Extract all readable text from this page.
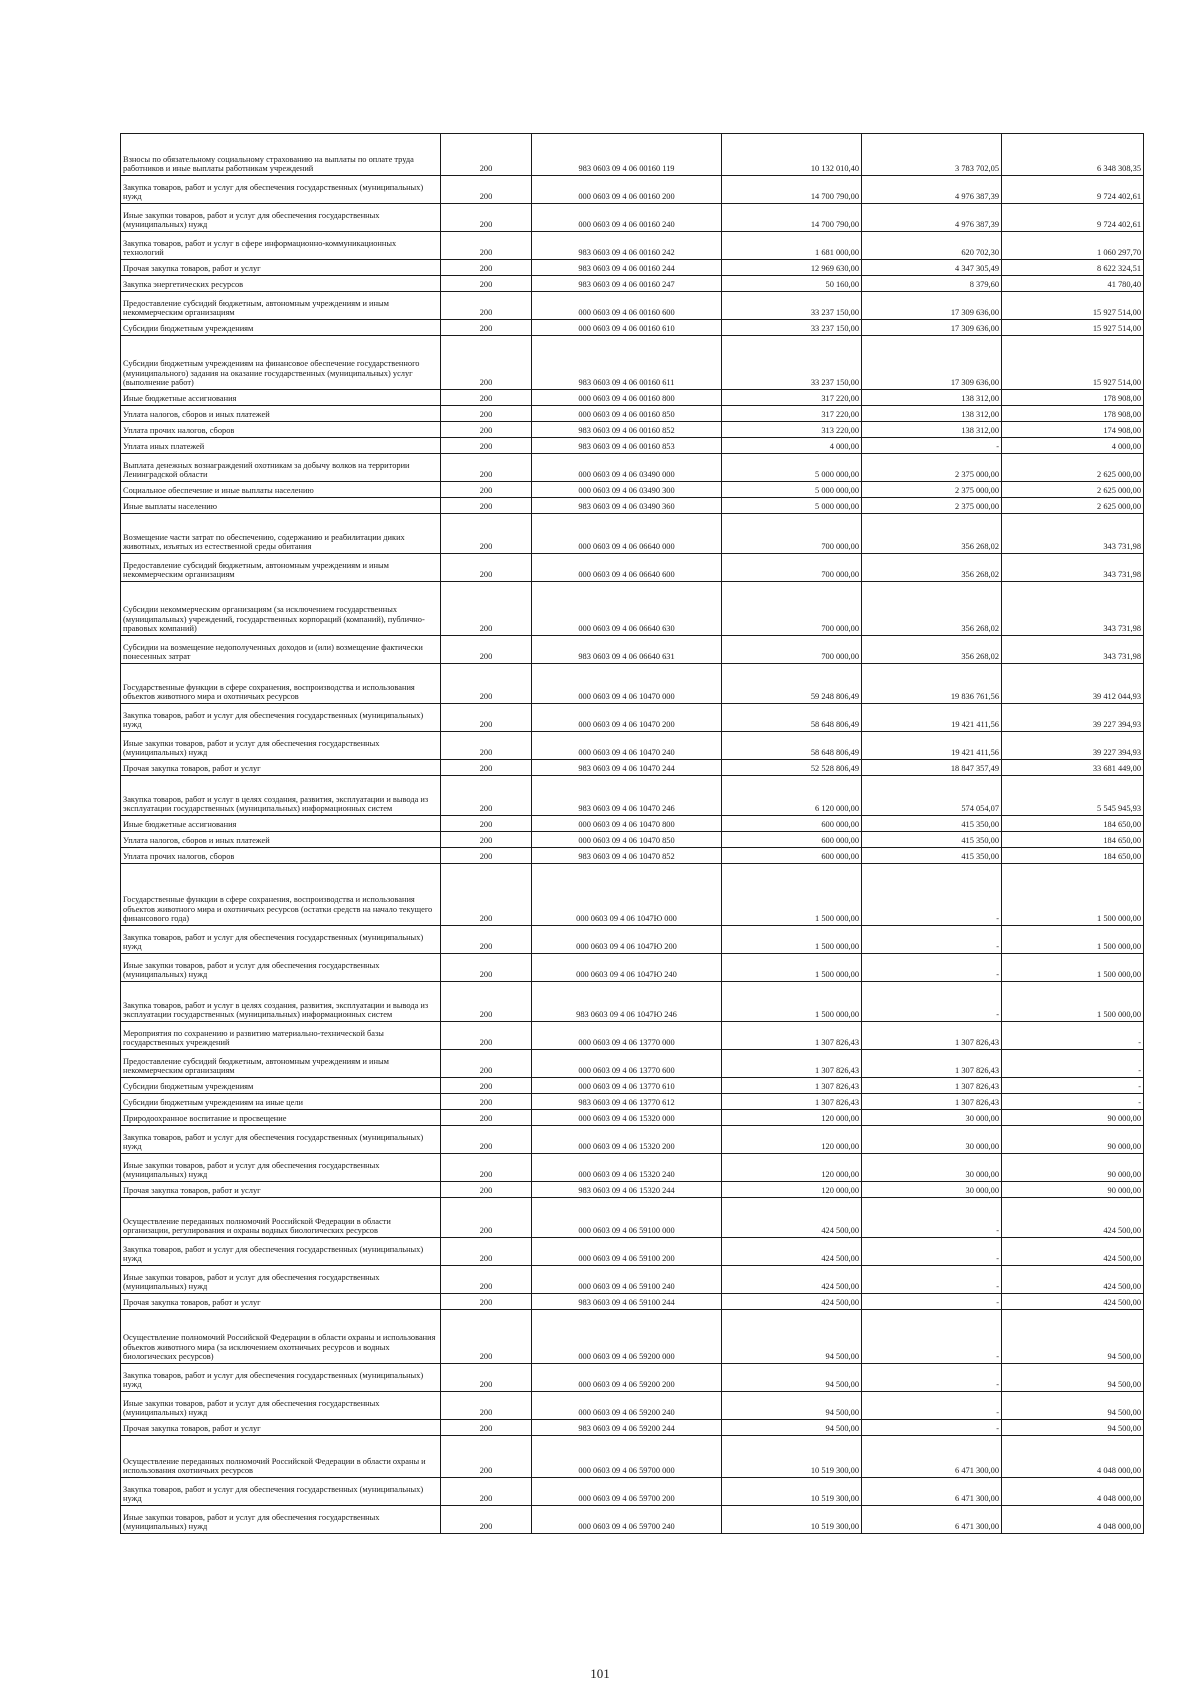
Взносы по обязательному социальному страхованию на выплаты по оплате труда работников и иные выплаты работникам учреждений	200	983 0603 09 4 06 00160 119	10 132 010,40	3 783 702,05	6 348 308,35
Закупка товаров, работ и услуг для обеспечения государственных (муниципальных) нужд	200	000 0603 09 4 06 00160 200	14 700 790,00	4 976 387,39	9 724 402,61
Иные закупки товаров, работ и услуг для обеспечения государственных (муниципальных) нужд	200	000 0603 09 4 06 00160 240	14 700 790,00	4 976 387,39	9 724 402,61
Закупка товаров, работ и услуг в сфере информационно-коммуникационных технологий	200	983 0603 09 4 06 00160 242	1 681 000,00	620 702,30	1 060 297,70
Прочая закупка товаров, работ и услуг	200	983 0603 09 4 06 00160 244	12 969 630,00	4 347 305,49	8 622 324,51
Закупка энергетических ресурсов	200	983 0603 09 4 06 00160 247	50 160,00	8 379,60	41 780,40
Предоставление субсидий бюджетным, автономным учреждениям и иным некоммерческим организациям	200	000 0603 09 4 06 00160 600	33 237 150,00	17 309 636,00	15 927 514,00
Субсидии бюджетным учреждениям	200	000 0603 09 4 06 00160 610	33 237 150,00	17 309 636,00	15 927 514,00
Субсидии бюджетным учреждениям на финансовое обеспечение государственного (муниципального) задания на оказание государственных (муниципальных) услуг (выполнение работ)	200	983 0603 09 4 06 00160 611	33 237 150,00	17 309 636,00	15 927 514,00
Иные бюджетные ассигнования	200	000 0603 09 4 06 00160 800	317 220,00	138 312,00	178 908,00
Уплата налогов, сборов и иных платежей	200	000 0603 09 4 06 00160 850	317 220,00	138 312,00	178 908,00
Уплата прочих налогов, сборов	200	983 0603 09 4 06 00160 852	313 220,00	138 312,00	174 908,00
Уплата иных платежей	200	983 0603 09 4 06 00160 853	4 000,00	-	4 000,00
Выплата денежных вознаграждений охотникам за добычу волков на территории Ленинградской области	200	000 0603 09 4 06 03490 000	5 000 000,00	2 375 000,00	2 625 000,00
Социальное обеспечение и иные выплаты населению	200	000 0603 09 4 06 03490 300	5 000 000,00	2 375 000,00	2 625 000,00
Иные выплаты населению	200	983 0603 09 4 06 03490 360	5 000 000,00	2 375 000,00	2 625 000,00
Возмещение части затрат по обеспечению, содержанию и реабилитации диких животных, изъятых из естественной среды обитания	200	000 0603 09 4 06 06640 000	700 000,00	356 268,02	343 731,98
Предоставление субсидий бюджетным, автономным учреждениям и иным некоммерческим организациям	200	000 0603 09 4 06 06640 600	700 000,00	356 268,02	343 731,98
Субсидии некоммерческим организациям (за исключением государственных (муниципальных) учреждений, государственных корпораций (компаний), публично-правовых компаний)	200	000 0603 09 4 06 06640 630	700 000,00	356 268,02	343 731,98
Субсидии на возмещение недополученных доходов и (или) возмещение фактически понесенных затрат	200	983 0603 09 4 06 06640 631	700 000,00	356 268,02	343 731,98
Государственные функции в сфере сохранения, воспроизводства и использования объектов животного мира и охотничьих ресурсов	200	000 0603 09 4 06 10470 000	59 248 806,49	19 836 761,56	39 412 044,93
Закупка товаров, работ и услуг для обеспечения государственных (муниципальных) нужд	200	000 0603 09 4 06 10470 200	58 648 806,49	19 421 411,56	39 227 394,93
Иные закупки товаров, работ и услуг для обеспечения государственных (муниципальных) нужд	200	000 0603 09 4 06 10470 240	58 648 806,49	19 421 411,56	39 227 394,93
Прочая закупка товаров, работ и услуг	200	983 0603 09 4 06 10470 244	52 528 806,49	18 847 357,49	33 681 449,00
Закупка товаров, работ и услуг в целях создания, развития, эксплуатации и вывода из эксплуатации государственных (муниципальных) информационных систем	200	983 0603 09 4 06 10470 246	6 120 000,00	574 054,07	5 545 945,93
Иные бюджетные ассигнования	200	000 0603 09 4 06 10470 800	600 000,00	415 350,00	184 650,00
Уплата налогов, сборов и иных платежей	200	000 0603 09 4 06 10470 850	600 000,00	415 350,00	184 650,00
Уплата прочих налогов, сборов	200	983 0603 09 4 06 10470 852	600 000,00	415 350,00	184 650,00
Государственные функции в сфере сохранения, воспроизводства и использования объектов животного мира и охотничьих ресурсов (остатки средств на начало текущего финансового года)	200	000 0603 09 4 06 1047Ю 000	1 500 000,00	-	1 500 000,00
Закупка товаров, работ и услуг для обеспечения государственных (муниципальных) нужд	200	000 0603 09 4 06 1047Ю 200	1 500 000,00	-	1 500 000,00
Иные закупки товаров, работ и услуг для обеспечения государственных (муниципальных) нужд	200	000 0603 09 4 06 1047Ю 240	1 500 000,00	-	1 500 000,00
Закупка товаров, работ и услуг в целях создания, развития, эксплуатации и вывода из эксплуатации государственных (муниципальных) информационных систем	200	983 0603 09 4 06 1047Ю 246	1 500 000,00	-	1 500 000,00
Мероприятия по сохранению и развитию материально-технической базы государственных учреждений	200	000 0603 09 4 06 13770 000	1 307 826,43	1 307 826,43	-
Предоставление субсидий бюджетным, автономным учреждениям и иным некоммерческим организациям	200	000 0603 09 4 06 13770 600	1 307 826,43	1 307 826,43	-
Субсидии бюджетным учреждениям	200	000 0603 09 4 06 13770 610	1 307 826,43	1 307 826,43	-
Субсидии бюджетным учреждениям на иные цели	200	983 0603 09 4 06 13770 612	1 307 826,43	1 307 826,43	-
Природоохранное воспитание и просвещение	200	000 0603 09 4 06 15320 000	120 000,00	30 000,00	90 000,00
Закупка товаров, работ и услуг для обеспечения государственных (муниципальных) нужд	200	000 0603 09 4 06 15320 200	120 000,00	30 000,00	90 000,00
Иные закупки товаров, работ и услуг для обеспечения государственных (муниципальных) нужд	200	000 0603 09 4 06 15320 240	120 000,00	30 000,00	90 000,00
Прочая закупка товаров, работ и услуг	200	983 0603 09 4 06 15320 244	120 000,00	30 000,00	90 000,00
Осуществление переданных полномочий Российской Федерации в области организации, регулирования и охраны водных биологических ресурсов	200	000 0603 09 4 06 59100 000	424 500,00	-	424 500,00
Закупка товаров, работ и услуг для обеспечения государственных (муниципальных) нужд	200	000 0603 09 4 06 59100 200	424 500,00	-	424 500,00
Иные закупки товаров, работ и услуг для обеспечения государственных (муниципальных) нужд	200	000 0603 09 4 06 59100 240	424 500,00	-	424 500,00
Прочая закупка товаров, работ и услуг	200	983 0603 09 4 06 59100 244	424 500,00	-	424 500,00
Осуществление полномочий Российской Федерации в области охраны и использования объектов животного мира (за исключением охотничьих ресурсов и водных биологических ресурсов)	200	000 0603 09 4 06 59200 000	94 500,00	-	94 500,00
Закупка товаров, работ и услуг для обеспечения государственных (муниципальных) нужд	200	000 0603 09 4 06 59200 200	94 500,00	-	94 500,00
Иные закупки товаров, работ и услуг для обеспечения государственных (муниципальных) нужд	200	000 0603 09 4 06 59200 240	94 500,00	-	94 500,00
Прочая закупка товаров, работ и услуг	200	983 0603 09 4 06 59200 244	94 500,00	-	94 500,00
Осуществление переданных полномочий Российской Федерации в области охраны и использования охотничьих ресурсов	200	000 0603 09 4 06 59700 000	10 519 300,00	6 471 300,00	4 048 000,00
Закупка товаров, работ и услуг для обеспечения государственных (муниципальных) нужд	200	000 0603 09 4 06 59700 200	10 519 300,00	6 471 300,00	4 048 000,00
Иные закупки товаров, работ и услуг для обеспечения государственных (муниципальных) нужд	200	000 0603 09 4 06 59700 240	10 519 300,00	6 471 300,00	4 048 000,00
101
